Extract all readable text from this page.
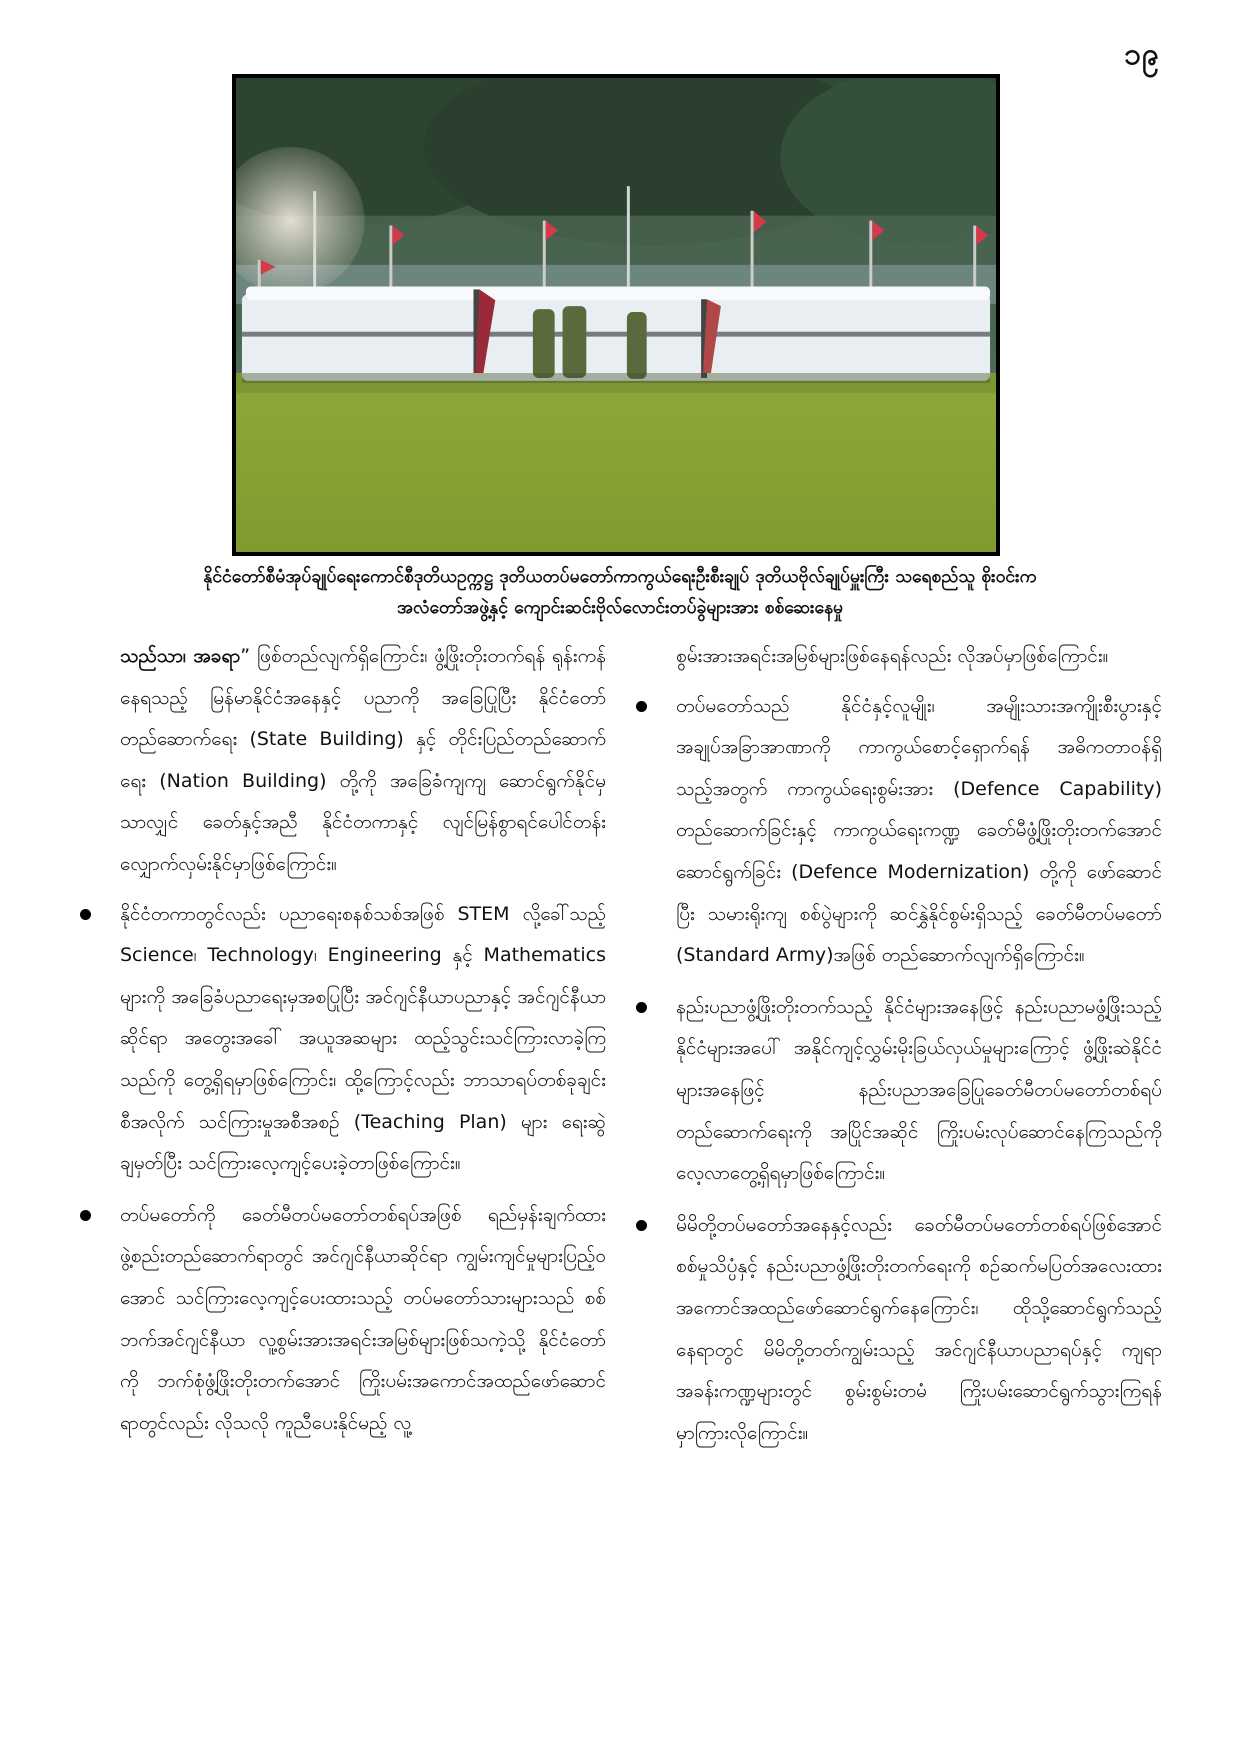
၁၉
နိုင်ငံတော်စီမံအုပ်ချုပ်ရေးကောင်စီဒုတိယဥက္ကဋ္ဌ ဒုတိယတပ်မတော်ကာကွယ်ရေးဦးစီးချုပ် ဒုတိယဗိုလ်ချုပ်မှူးကြီး သရေစည်သူ စိုးဝင်းက
အလံတော်အဖွဲ့နှင့် ကျောင်းဆင်းဗိုလ်လောင်းတပ်ခွဲများအား စစ်ဆေးနေမှု

သည်သာ၊ အခရာ” ဖြစ်တည်လျက်ရှိကြောင်း၊ ဖွံ့ဖြိုးတိုးတက်ရန် ရုန်းကန်နေရသည့် မြန်မာနိုင်ငံအနေနှင့် ပညာကို အခြေပြုပြီး နိုင်ငံတော်တည်ဆောက်ရေး (State Building) နှင့် တိုင်းပြည်တည်ဆောက်ရေး (Nation Building) တို့ကို အခြေခံကျကျ ဆောင်ရွက်နိုင်မှသာလျှင် ခေတ်နှင့်အညီ နိုင်ငံတကာနှင့် လျင်မြန်စွာရင်ပေါင်တန်းလျှောက်လှမ်းနိုင်မှာဖြစ်ကြောင်း။

နိုင်ငံတကာတွင်လည်း ပညာရေးစနစ်သစ်အဖြစ် STEM လို့ခေါ်သည့် Science၊ Technology၊ Engineering နှင့် Mathematics များကို အခြေခံပညာရေးမှအစပြုပြီး အင်ဂျင်နီယာပညာနှင့် အင်ဂျင်နီယာဆိုင်ရာ အတွေးအခေါ် အယူအဆများ ထည့်သွင်းသင်ကြားလာခဲ့ကြသည်ကို တွေ့ရှိရမှာဖြစ်ကြောင်း၊ ထို့ကြောင့်လည်း ဘာသာရပ်တစ်ခုချင်းစီအလိုက် သင်ကြားမှုအစီအစဉ် (Teaching Plan) များ ရေးဆွဲချမှတ်ပြီး သင်ကြားလေ့ကျင့်ပေးခဲ့တာဖြစ်ကြောင်း။
တပ်မတော်ကို ခေတ်မီတပ်မတော်တစ်ရပ်အဖြစ် ရည်မှန်းချက်ထား ဖွဲ့စည်းတည်ဆောက်ရာတွင် အင်ဂျင်နီယာဆိုင်ရာ ကျွမ်းကျင်မှုများပြည့်ဝအောင် သင်ကြားလေ့ကျင့်ပေးထားသည့် တပ်မတော်သားများသည် စစ်ဘက်အင်ဂျင်နီယာ လူ့စွမ်းအားအရင်းအမြစ်များဖြစ်သကဲ့သို့ နိုင်ငံတော်ကို ဘက်စုံဖွံ့ဖြိုးတိုးတက်အောင် ကြိုးပမ်းအကောင်အထည်ဖော်ဆောင်ရာတွင်လည်း လိုသလို ကူညီပေးနိုင်မည့် လူ့

စွမ်းအားအရင်းအမြစ်များဖြစ်နေရန်လည်း လိုအပ်မှာဖြစ်ကြောင်း။

တပ်မတော်သည် နိုင်ငံနှင့်လူမျိုး၊ အမျိုးသားအကျိုးစီးပွားနှင့် အချုပ်အခြာအာဏာကို ကာကွယ်စောင့်ရှောက်ရန် အဓိကတာဝန်ရှိသည့်အတွက် ကာကွယ်ရေးစွမ်းအား (Defence Capability) တည်ဆောက်ခြင်းနှင့် ကာကွယ်ရေးကဏ္ဍ ခေတ်မီဖွံ့ဖြိုးတိုးတက်အောင်ဆောင်ရွက်ခြင်း (Defence Modernization) တို့ကို ဖော်ဆောင်ပြီး သမားရိုးကျ စစ်ပွဲများကို ဆင်နွှဲနိုင်စွမ်းရှိသည့် ခေတ်မီတပ်မတော် (Standard Army)အဖြစ် တည်ဆောက်လျက်ရှိကြောင်း။
နည်းပညာဖွံ့ဖြိုးတိုးတက်သည့် နိုင်ငံများအနေဖြင့် နည်းပညာမဖွံ့ဖြိုးသည့် နိုင်ငံများအပေါ် အနိုင်ကျင့်လွှမ်းမိုးခြယ်လှယ်မှုများကြောင့် ဖွံ့ဖြိုးဆဲနိုင်ငံများအနေဖြင့် နည်းပညာအခြေပြုခေတ်မီတပ်မတော်တစ်ရပ် တည်ဆောက်ရေးကို အပြိုင်အဆိုင် ကြိုးပမ်းလုပ်ဆောင်နေကြသည်ကို လေ့လာတွေ့ရှိရမှာဖြစ်ကြောင်း။
မိမိတို့တပ်မတော်အနေနှင့်လည်း ခေတ်မီတပ်မတော်တစ်ရပ်ဖြစ်အောင် စစ်မှုသိပ္ပံနှင့် နည်းပညာဖွံ့ဖြိုးတိုးတက်ရေးကို စဉ်ဆက်မပြတ်အလေးထား အကောင်အထည်ဖော်ဆောင်ရွက်နေကြောင်း၊ ထိုသို့ဆောင်ရွက်သည့်နေရာတွင် မိမိတို့တတ်ကျွမ်းသည့် အင်ဂျင်နီယာပညာရပ်နှင့် ကျရာအခန်းကဏ္ဍများတွင် စွမ်းစွမ်းတမံ ကြိုးပမ်းဆောင်ရွက်သွားကြရန် မှာကြားလိုကြောင်း။
